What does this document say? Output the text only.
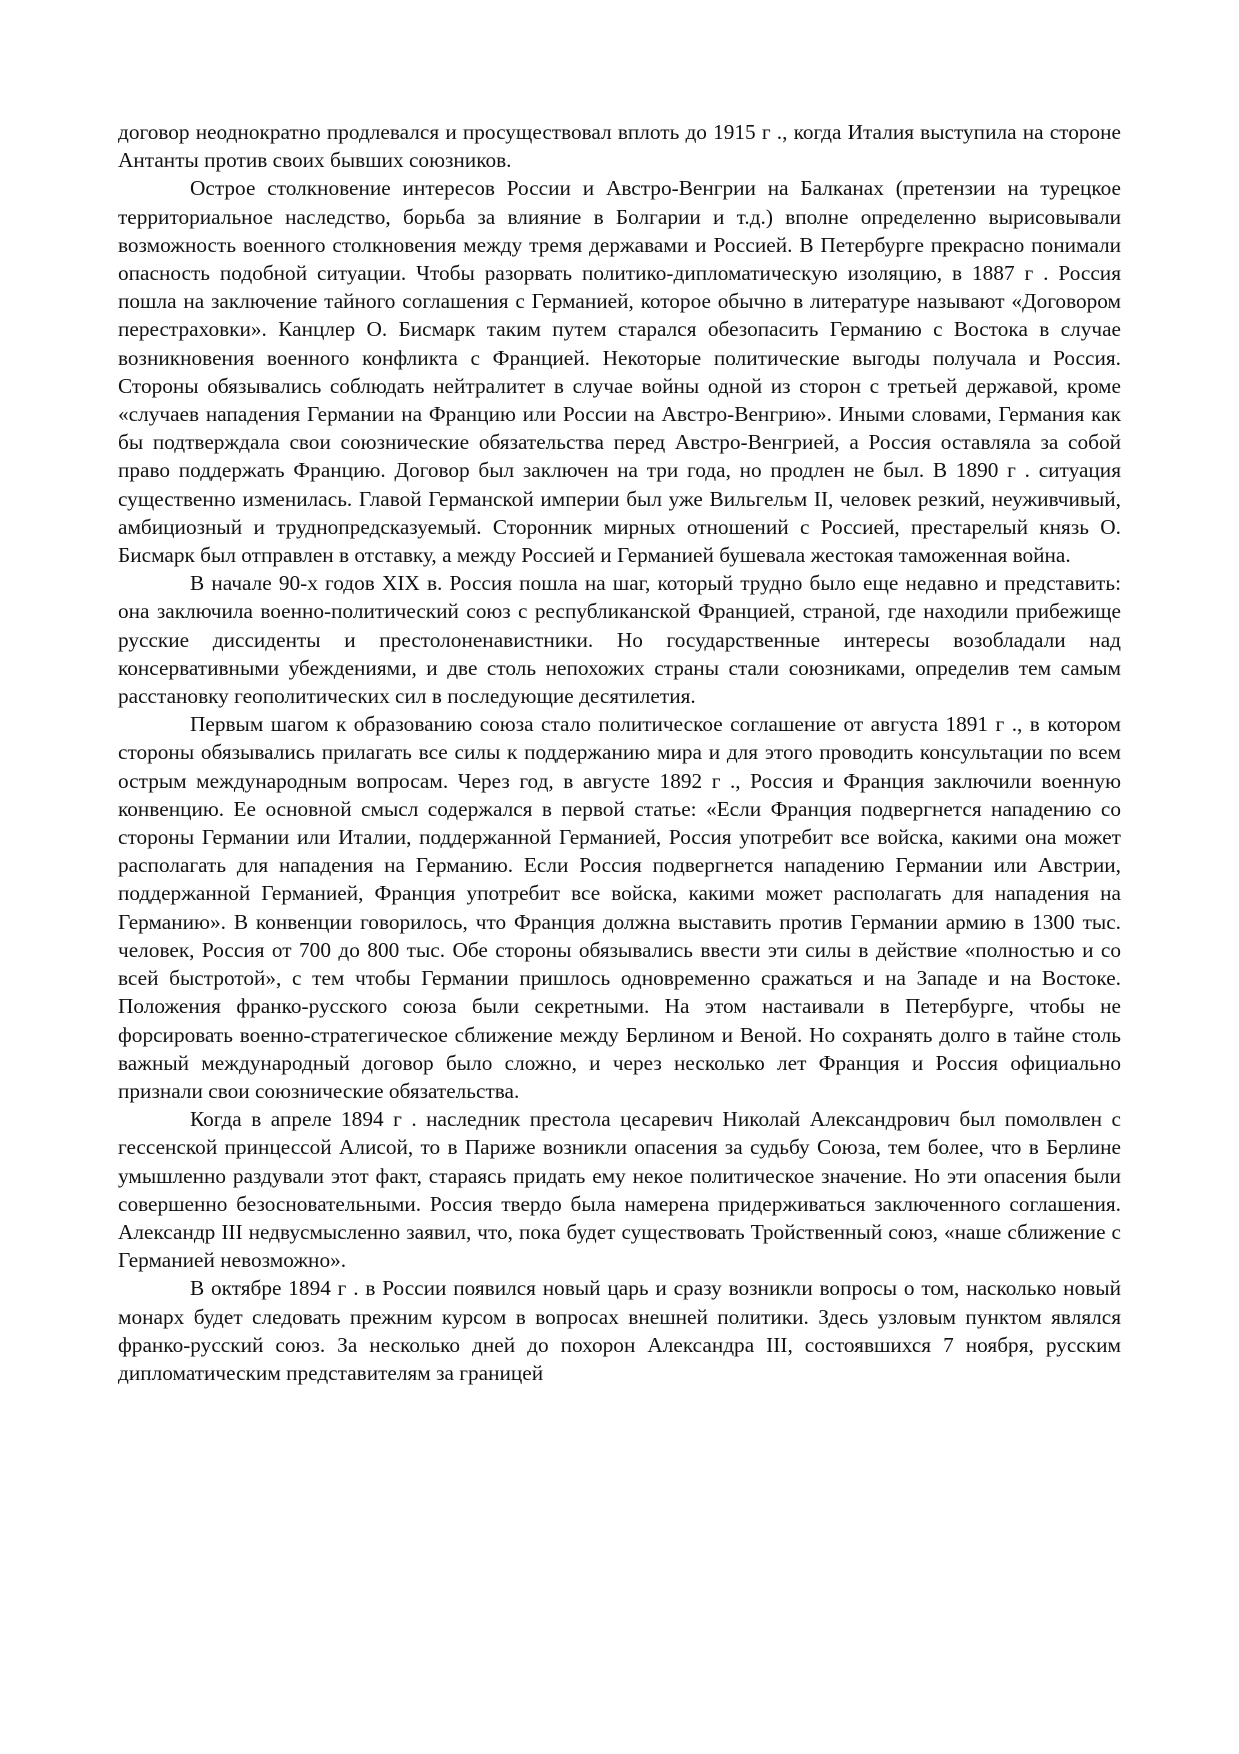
договор неоднократно продлевался и просуществовал вплоть до 1915 г ., когда Италия выступила на стороне Антанты против своих бывших союзников.

Острое столкновение интересов России и Австро-Венгрии на Балканах (претензии на турецкое территориальное наследство, борьба за влияние в Болгарии и т.д.) вполне определенно вырисовывали возможность военного столкновения между тремя державами и Россией. В Петербурге прекрасно понимали опасность подобной ситуации. Чтобы разорвать политико-дипломатическую изоляцию, в 1887 г . Россия пошла на заключение тайного соглашения с Германией, которое обычно в литературе называют «Договором перестраховки». Канцлер О. Бисмарк таким путем старался обезопасить Германию с Востока в случае возникновения военного конфликта с Францией. Некоторые политические выгоды получала и Россия. Стороны обязывались соблюдать нейтралитет в случае войны одной из сторон с третьей державой, кроме «случаев нападения Германии на Францию или России на Австро-Венгрию». Иными словами, Германия как бы подтверждала свои союзнические обязательства перед Австро-Венгрией, а Россия оставляла за собой право поддержать Францию. Договор был заключен на три года, но продлен не был. В 1890 г . ситуация существенно изменилась. Главой Германской империи был уже Вильгельм II, человек резкий, неуживчивый, амбициозный и труднопредсказуемый. Сторонник мирных отношений с Россией, престарелый князь О. Бисмарк был отправлен в отставку, а между Россией и Германией бушевала жестокая таможенная война.

В начале 90-х годов XIX в. Россия пошла на шаг, который трудно было еще недавно и представить: она заключила военно-политический союз с республиканской Францией, страной, где находили прибежище русские диссиденты и престолоненавистники. Но государственные интересы возобладали над консервативными убеждениями, и две столь непохожих страны стали союзниками, определив тем самым расстановку геополитических сил в последующие десятилетия.

Первым шагом к образованию союза стало политическое соглашение от августа 1891 г ., в котором стороны обязывались прилагать все силы к поддержанию мира и для этого проводить консультации по всем острым международным вопросам. Через год, в августе 1892 г ., Россия и Франция заключили военную конвенцию. Ее основной смысл содержался в первой статье: «Если Франция подвергнется нападению со стороны Германии или Италии, поддержанной Германией, Россия употребит все войска, какими она может располагать для нападения на Германию. Если Россия подвергнется нападению Германии или Австрии, поддержанной Германией, Франция употребит все войска, какими может располагать для нападения на Германию». В конвенции говорилось, что Франция должна выставить против Германии армию в 1300 тыс. человек, Россия от 700 до 800 тыс. Обе стороны обязывались ввести эти силы в действие «полностью и со всей быстротой», с тем чтобы Германии пришлось одновременно сражаться и на Западе и на Востоке. Положения франко-русского союза были секретными. На этом настаивали в Петербурге, чтобы не форсировать военно-стратегическое сближение между Берлином и Веной. Но сохранять долго в тайне столь важный международный договор было сложно, и через несколько лет Франция и Россия официально признали свои союзнические обязательства.

Когда в апреле 1894 г . наследник престола цесаревич Николай Александрович был помолвлен с гессенской принцессой Алисой, то в Париже возникли опасения за судьбу Союза, тем более, что в Берлине умышленно раздували этот факт, стараясь придать ему некое политическое значение. Но эти опасения были совершенно безосновательными. Россия твердо была намерена придерживаться заключенного соглашения. Александр III недвусмысленно заявил, что, пока будет существовать Тройственный союз, «наше сближение с Германией невозможно».

В октябре 1894 г . в России появился новый царь и сразу возникли вопросы о том, насколько новый монарх будет следовать прежним курсом в вопросах внешней политики. Здесь узловым пунктом являлся франко-русский союз. За несколько дней до похорон Александра III, состоявшихся 7 ноября, русским дипломатическим представителям за границей
